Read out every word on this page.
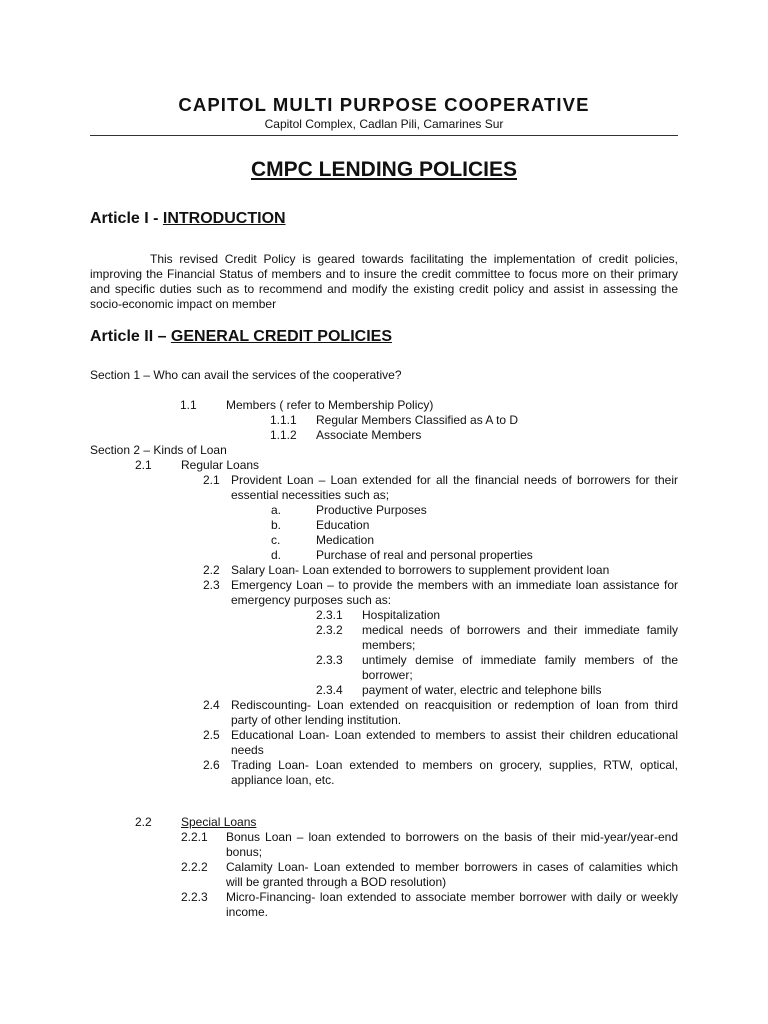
CAPITOL MULTI PURPOSE COOPERATIVE
Capitol Complex, Cadlan Pili, Camarines Sur
CMPC LENDING POLICIES
Article I - INTRODUCTION
This revised Credit Policy is geared towards facilitating the implementation of credit policies, improving the Financial Status of members and to insure the credit committee to focus more on their primary and specific duties such as to recommend and modify the existing credit policy and assist in assessing the socio-economic impact on member
Article II – GENERAL CREDIT POLICIES
Section 1 – Who can avail the services of the cooperative?
1.1 Members ( refer to Membership Policy)
1.1.1 Regular Members Classified as A to D
1.1.2 Associate Members
Section 2 – Kinds of Loan
2.1 Regular Loans
2.1 Provident Loan – Loan extended for all the financial needs of borrowers for their essential necessities such as;
a.	Productive Purposes
b.	Education
c.	Medication
d.	Purchase of real and personal properties
2.2 Salary Loan- Loan extended to borrowers to supplement provident loan
2.3 Emergency Loan – to provide the members with an immediate loan assistance for emergency purposes such as:
2.3.1 Hospitalization
2.3.2 medical needs of borrowers and their immediate family members;
2.3.3 untimely demise of immediate family members of the borrower;
2.3.4 payment of water, electric and telephone bills
2.4 Rediscounting- Loan extended on reacquisition or redemption of loan from third party of other lending institution.
2.5 Educational Loan- Loan extended to members to assist their children educational needs
2.6 Trading Loan- Loan extended to members on grocery, supplies, RTW, optical, appliance loan, etc.
2.2 Special Loans
2.2.1 Bonus Loan – loan extended to borrowers on the basis of their mid-year/year-end bonus;
2.2.2 Calamity Loan- Loan extended to member borrowers in cases of calamities which will be granted through a BOD resolution)
2.2.3 Micro-Financing- loan extended to associate member borrower with daily or weekly income.
